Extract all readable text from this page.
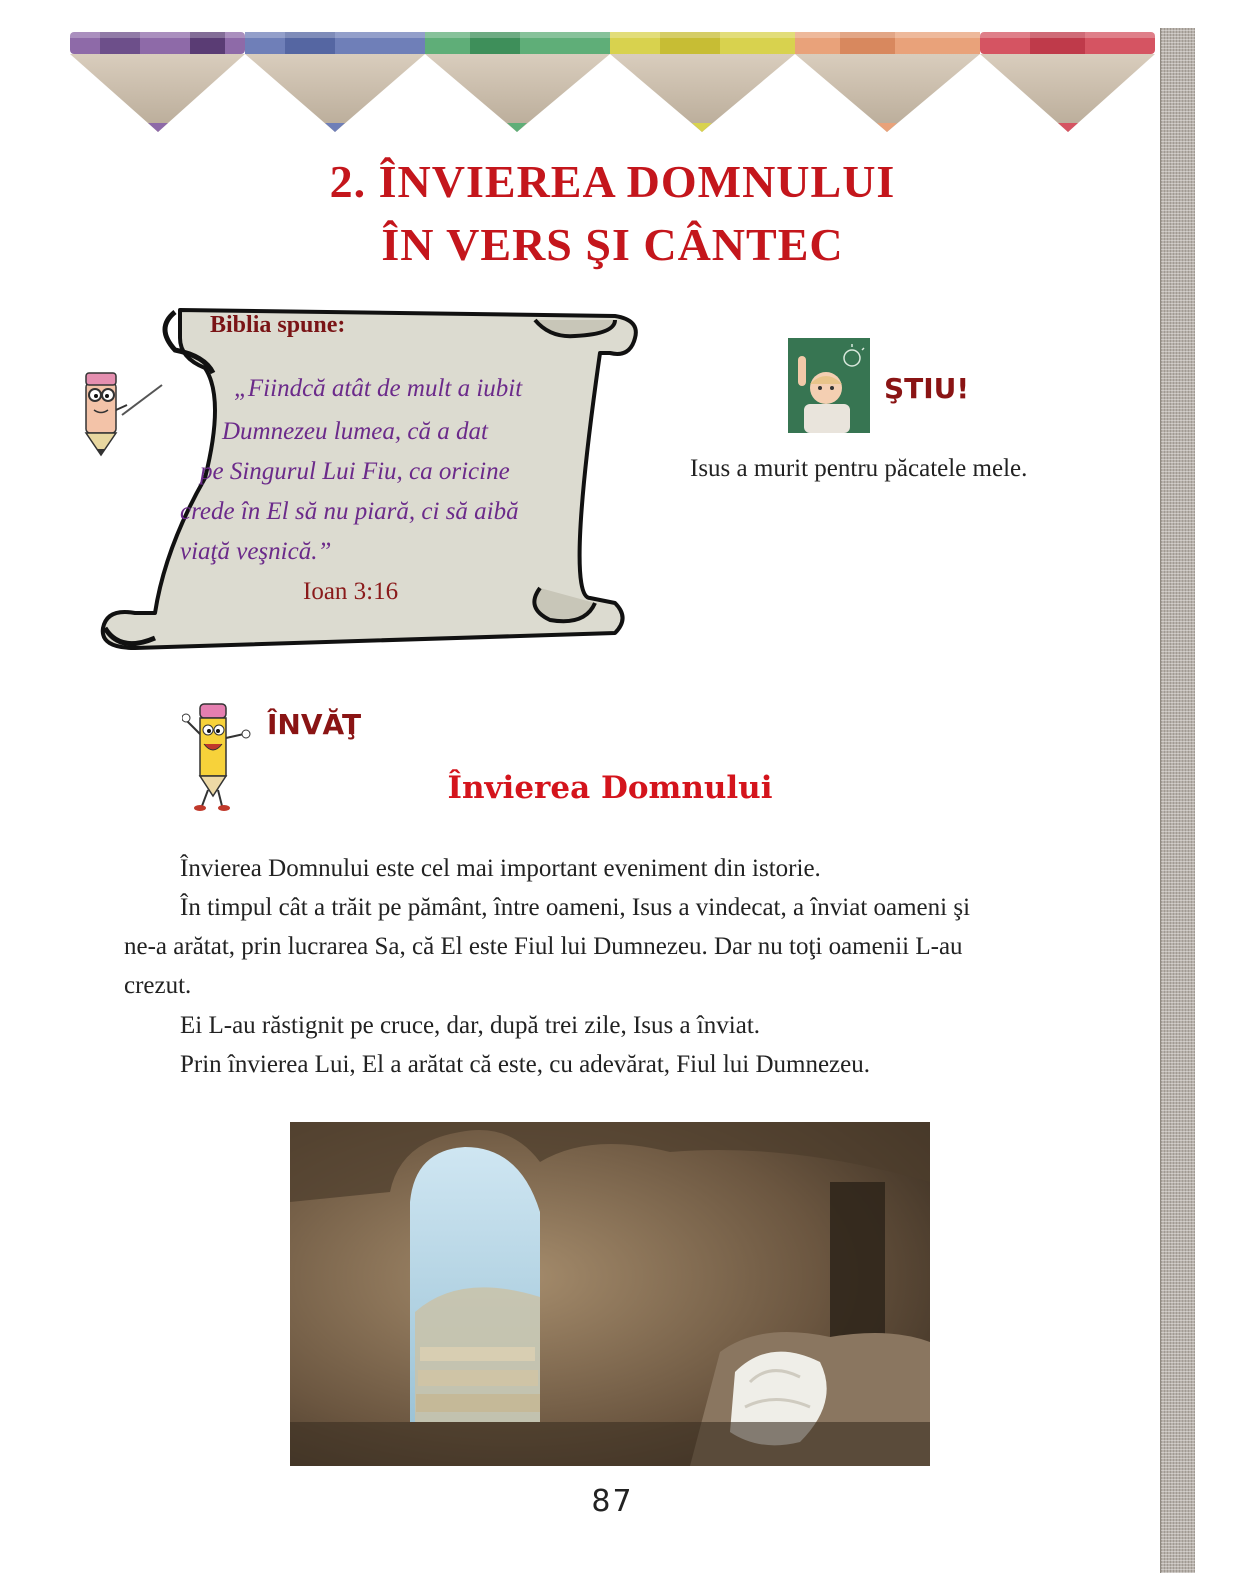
2. ÎNVIEREA DOMNULUI
ÎN VERS ŞI CÂNTEC
Biblia spune:
„Fiindcă atât de mult a iubit
Dumnezeu lumea, că a dat
pe Singurul Lui Fiu, ca oricine
crede în El să nu piară, ci să aibă
viaţă veşnică.”
Ioan 3:16
ŞTIU!
Isus a murit pentru păcatele mele.
ÎNVĂŢ
Învierea Domnului
Învierea Domnului este cel mai important eveniment din istorie.
În timpul cât a trăit pe pământ, între oameni, Isus a vindecat, a înviat oameni şi
ne-a arătat, prin lucrarea Sa, că El este Fiul lui Dumnezeu. Dar nu toţi oamenii L-au
crezut.
Ei L-au răstignit pe cruce, dar, după trei zile, Isus a înviat.
Prin învierea Lui, El a arătat că este, cu adevărat, Fiul lui Dumnezeu.
87
